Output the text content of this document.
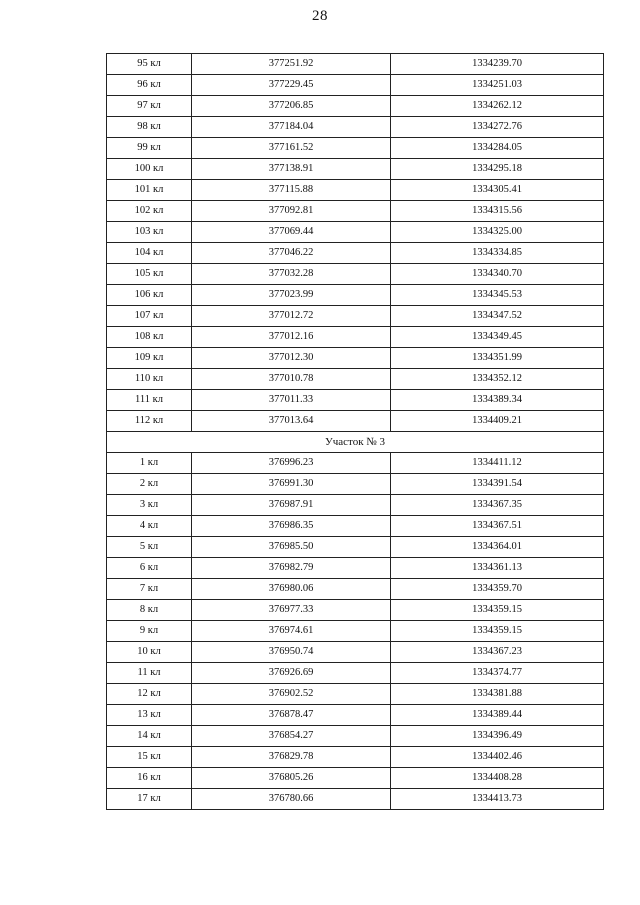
28
95 кл	377251.92	1334239.70
96 кл	377229.45	1334251.03
97 кл	377206.85	1334262.12
98 кл	377184.04	1334272.76
99 кл	377161.52	1334284.05
100 кл	377138.91	1334295.18
101 кл	377115.88	1334305.41
102 кл	377092.81	1334315.56
103 кл	377069.44	1334325.00
104 кл	377046.22	1334334.85
105 кл	377032.28	1334340.70
106 кл	377023.99	1334345.53
107 кл	377012.72	1334347.52
108 кл	377012.16	1334349.45
109 кл	377012.30	1334351.99
110 кл	377010.78	1334352.12
111 кл	377011.33	1334389.34
112 кл	377013.64	1334409.21
Участок № 3		
1 кл	376996.23	1334411.12
2 кл	376991.30	1334391.54
3 кл	376987.91	1334367.35
4 кл	376986.35	1334367.51
5 кл	376985.50	1334364.01
6 кл	376982.79	1334361.13
7 кл	376980.06	1334359.70
8 кл	376977.33	1334359.15
9 кл	376974.61	1334359.15
10 кл	376950.74	1334367.23
11 кл	376926.69	1334374.77
12 кл	376902.52	1334381.88
13 кл	376878.47	1334389.44
14 кл	376854.27	1334396.49
15 кл	376829.78	1334402.46
16 кл	376805.26	1334408.28
17 кл	376780.66	1334413.73
